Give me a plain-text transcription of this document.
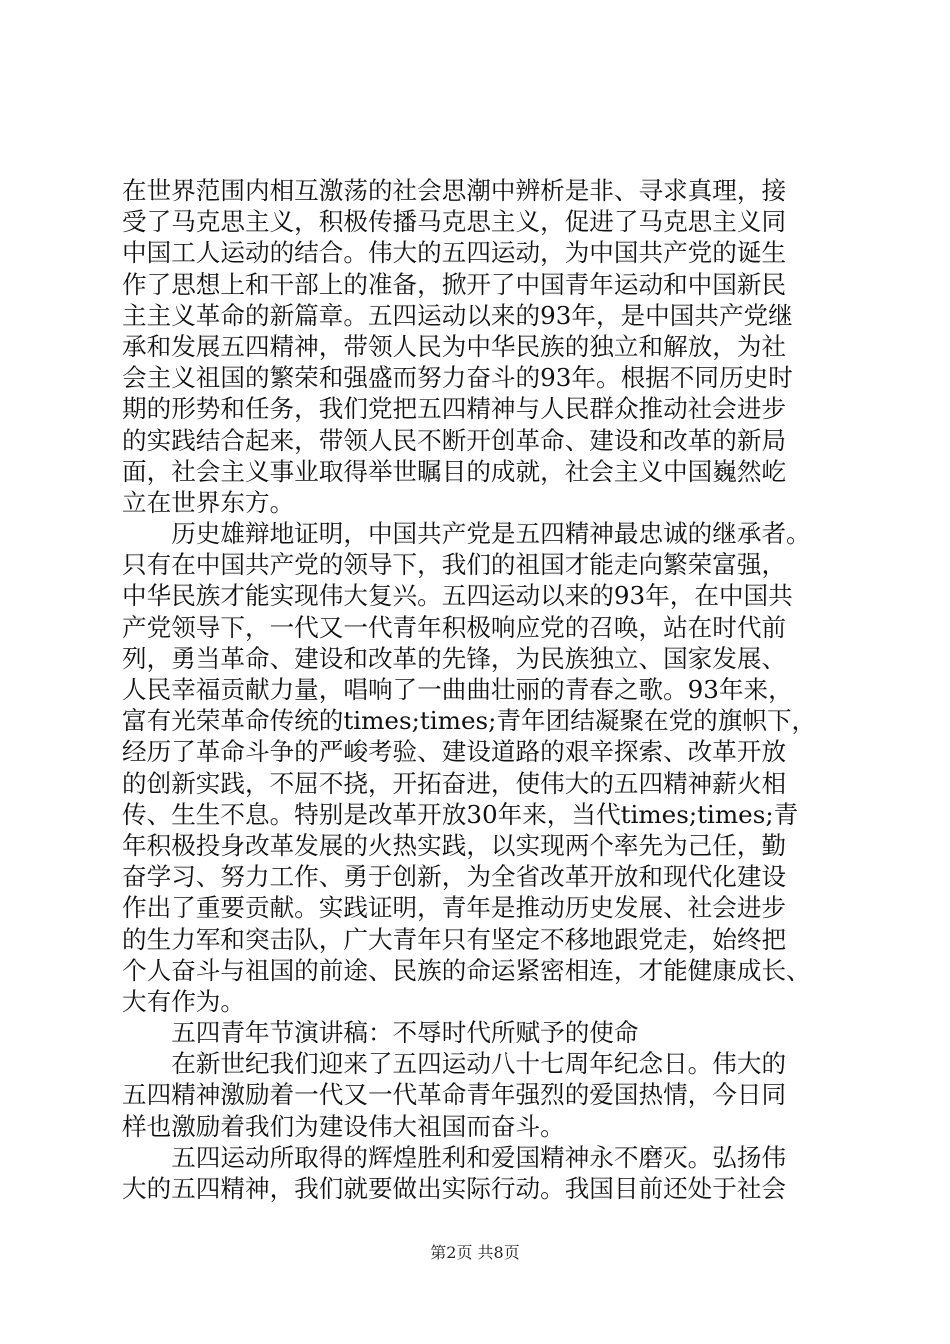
在世界范围内相互激荡的社会思潮中辨析是非、寻求真理，接
受了马克思主义，积极传播马克思主义，促进了马克思主义同
中国工人运动的结合。伟大的五四运动，为中国共产党的诞生
作了思想上和干部上的准备，掀开了中国青年运动和中国新民
主主义革命的新篇章。五四运动以来的93年，是中国共产党继
承和发展五四精神，带领人民为中华民族的独立和解放，为社
会主义祖国的繁荣和强盛而努力奋斗的93年。根据不同历史时
期的形势和任务，我们党把五四精神与人民群众推动社会进步
的实践结合起来，带领人民不断开创革命、建设和改革的新局
面，社会主义事业取得举世瞩目的成就，社会主义中国巍然屹
立在世界东方。
　　历史雄辩地证明，中国共产党是五四精神最忠诚的继承者。
只有在中国共产党的领导下，我们的祖国才能走向繁荣富强，
中华民族才能实现伟大复兴。五四运动以来的93年，在中国共
产党领导下，一代又一代青年积极响应党的召唤，站在时代前
列，勇当革命、建设和改革的先锋，为民族独立、国家发展、
人民幸福贡献力量，唱响了一曲曲壮丽的青春之歌。93年来，
富有光荣革命传统的times;times;青年团结凝聚在党的旗帜下，
经历了革命斗争的严峻考验、建设道路的艰辛探索、改革开放
的创新实践，不屈不挠，开拓奋进，使伟大的五四精神薪火相
传、生生不息。特别是改革开放30年来，当代times;times;青
年积极投身改革发展的火热实践，以实现两个率先为己任，勤
奋学习、努力工作、勇于创新，为全省改革开放和现代化建设
作出了重要贡献。实践证明，青年是推动历史发展、社会进步
的生力军和突击队，广大青年只有坚定不移地跟党走，始终把
个人奋斗与祖国的前途、民族的命运紧密相连，才能健康成长、
大有作为。
　　五四青年节演讲稿：不辱时代所赋予的使命
　　在新世纪我们迎来了五四运动八十七周年纪念日。伟大的
五四精神激励着一代又一代革命青年强烈的爱国热情，今日同
样也激励着我们为建设伟大祖国而奋斗。
　　五四运动所取得的辉煌胜利和爱国精神永不磨灭。弘扬伟
大的五四精神，我们就要做出实际行动。我国目前还处于社会
第2页 共8页
